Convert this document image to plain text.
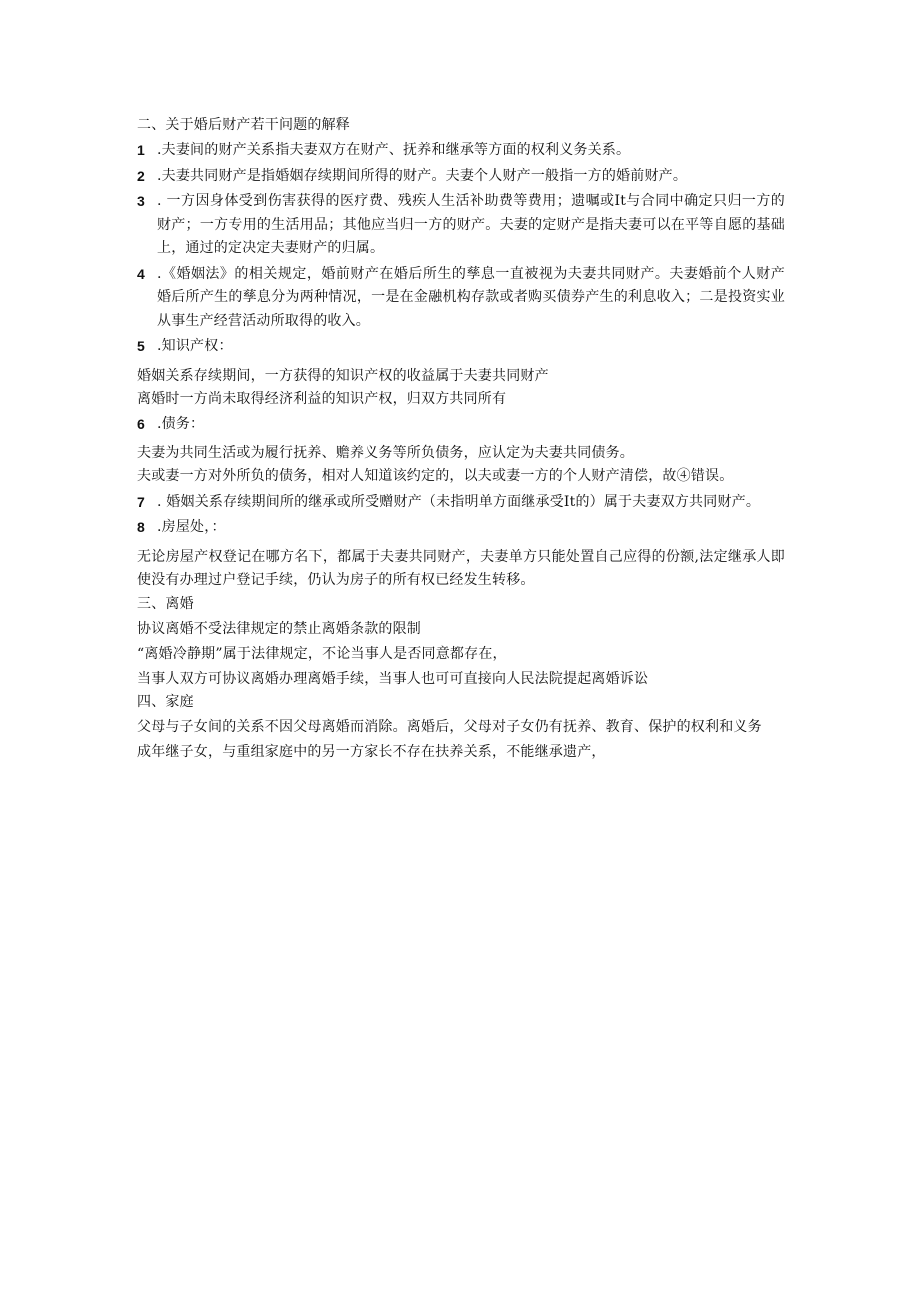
二、关于婚后财产若干问题的解释
1 .夫妻间的财产关系指夫妻双方在财产、抚养和继承等方面的权利义务关系。
2 .夫妻共同财产是指婚姻存续期间所得的财产。夫妻个人财产一般指一方的婚前财产。
3 . 一方因身体受到伤害获得的医疗费、残疾人生活补助费等费用；遗嘱或It与合同中确定只归一方的财产；一方专用的生活用品；其他应当归一方的财产。夫妻的定财产是指夫妻可以在平等自愿的基础上，通过的定决定夫妻财产的归属。
4 .《婚姻法》的相关规定，婚前财产在婚后所生的孳息一直被视为夫妻共同财产。夫妻婚前个人财产婚后所产生的孳息分为两种情况，一是在金融机构存款或者购买债券产生的利息收入；二是投资实业从事生产经营活动所取得的收入。
5 .知识产权：
婚姻关系存续期间，一方获得的知识产权的收益属于夫妻共同财产
离婚时一方尚未取得经济利益的知识产权，归双方共同所有
6 .债务：
夫妻为共同生活或为履行抚养、赡养义务等所负债务，应认定为夫妻共同债务。
夫或妻一方对外所负的债务，相对人知道该约定的，以夫或妻一方的个人财产清偿，故④错误。
7 . 婚姻关系存续期间所的继承或所受赠财产（未指明单方面继承受It的）属于夫妻双方共同财产。
8 .房屋处，：
无论房屋产权登记在哪方名下，都属于夫妻共同财产，夫妻单方只能处置自己应得的份额,法定继承人即使没有办理过户登记手续，仍认为房子的所有权已经发生转移。
三、离婚
协议离婚不受法律规定的禁止离婚条款的限制
“离婚冷静期”属于法律规定，不论当事人是否同意都存在，
当事人双方可协议离婚办理离婚手续，当事人也可可直接向人民法院提起离婚诉讼
四、家庭
父母与子女间的关系不因父母离婚而消除。离婚后，父母对子女仍有抚养、教育、保护的权利和义务
成年继子女，与重组家庭中的另一方家长不存在扶养关系，不能继承遗产，
